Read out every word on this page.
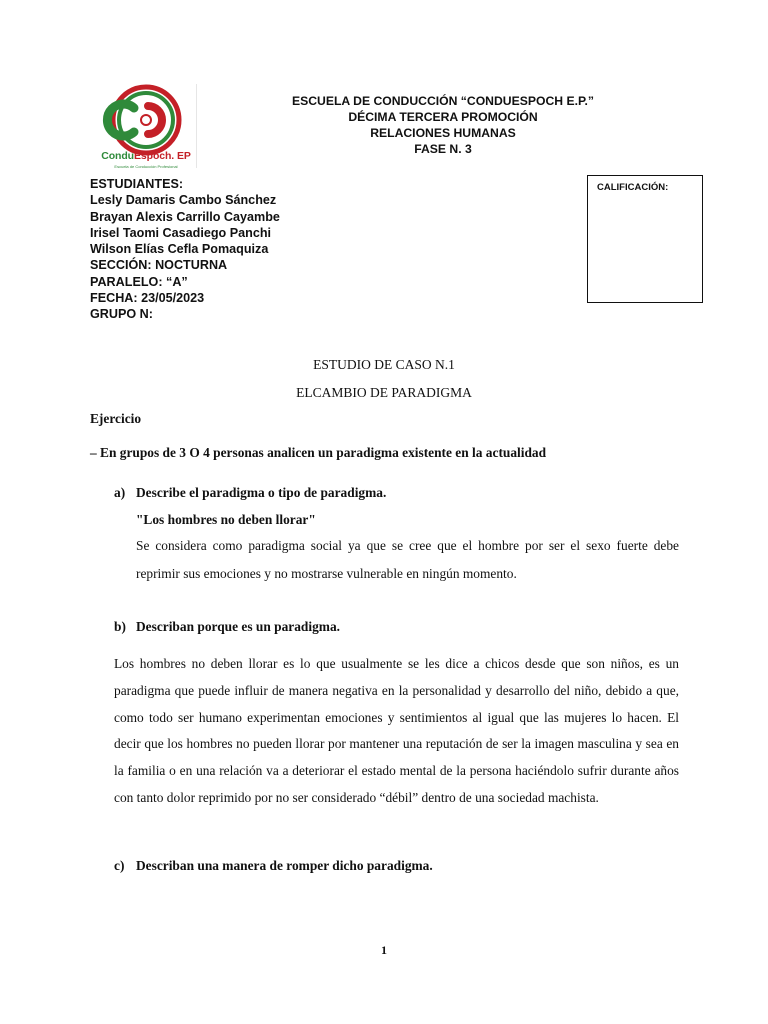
ConduEspoch. EP
Escuela de Conducción Profesional
ESCUELA DE CONDUCCIÓN “CONDUESPOCH E.P.”
DÉCIMA TERCERA PROMOCIÓN
RELACIONES HUMANAS
FASE N. 3
ESTUDIANTES:
Lesly Damaris Cambo Sánchez
Brayan Alexis Carrillo Cayambe
Irisel Taomi Casadiego Panchi
Wilson Elías Cefla Pomaquiza
SECCIÓN: NOCTURNA
PARALELO: “A”
FECHA: 23/05/2023
GRUPO N:
CALIFICACIÓN:
ESTUDIO DE CASO N.1
ELCAMBIO DE PARADIGMA
Ejercicio
– En grupos de 3 O 4 personas analicen un paradigma existente en la actualidad
a) Describe el paradigma o tipo de paradigma.
"Los hombres no deben llorar"
Se considera como paradigma social ya que se cree que el hombre por ser el sexo fuerte debe reprimir sus emociones y no mostrarse vulnerable en ningún momento.
b) Describan porque es un paradigma.
Los hombres no deben llorar es lo que usualmente se les dice a chicos desde que son niños, es un paradigma que puede influir de manera negativa en la personalidad y desarrollo del niño, debido a que, como todo ser humano experimentan emociones y sentimientos al igual que las mujeres lo hacen. El decir que los hombres no pueden llorar por mantener una reputación de ser la imagen masculina y sea en la familia o en una relación va a deteriorar el estado mental de la persona haciéndolo sufrir durante años con tanto dolor reprimido por no ser considerado “débil” dentro de una sociedad machista.
c) Describan una manera de romper dicho paradigma.
1
